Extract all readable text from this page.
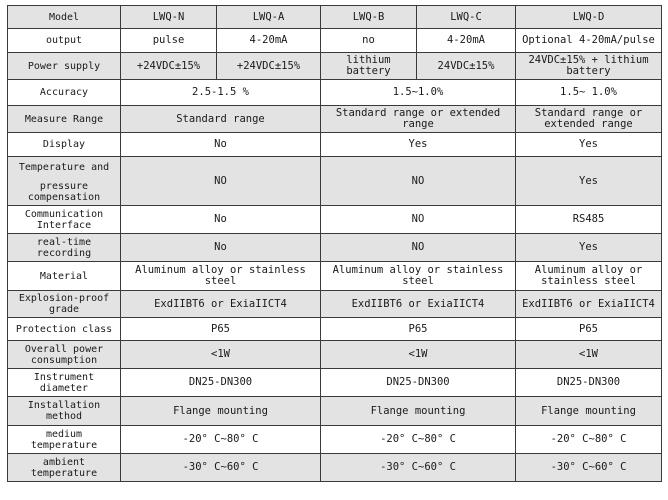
Model	LWQ-N	LWQ-A	LWQ-B	LWQ-C	LWQ-D
output	pulse	4-20mA	no	4-20mA	Optional 4-20mA/pulse
Power supply	+24VDC±15%	+24VDC±15%	lithium battery	24VDC±15%	24VDC±15% + lithium battery
Accuracy	2.5-1.5 %		1.5~1.0%		1.5~ 1.0%
Measure Range	Standard range		Standard range or extended range		Standard range or extended range
Display	No		Yes		Yes
Temperature and	NO		NO		Yes
pressure compensation					
Communication Interface	No		NO		RS485
real-time recording	No		NO		Yes
Material	Aluminum alloy or stainless steel		Aluminum alloy or stainless steel		Aluminum alloy or stainless steel
Explosion-proof grade	ExdIIBT6 or ExiaIICT4		ExdIIBT6 or ExiaIICT4		ExdIIBT6 or ExiaIICT4
Protection class	P65		P65		P65
Overall power consumption	<1W		<1W		<1W
Instrument diameter	DN25-DN300		DN25-DN300		DN25-DN300
Installation method	Flange mounting		Flange mounting		Flange mounting
medium temperature	-20° C~80° C		-20° C~80° C		-20° C~80° C
ambient temperature	-30° C~60° C		-30° C~60° C		-30° C~60° C
